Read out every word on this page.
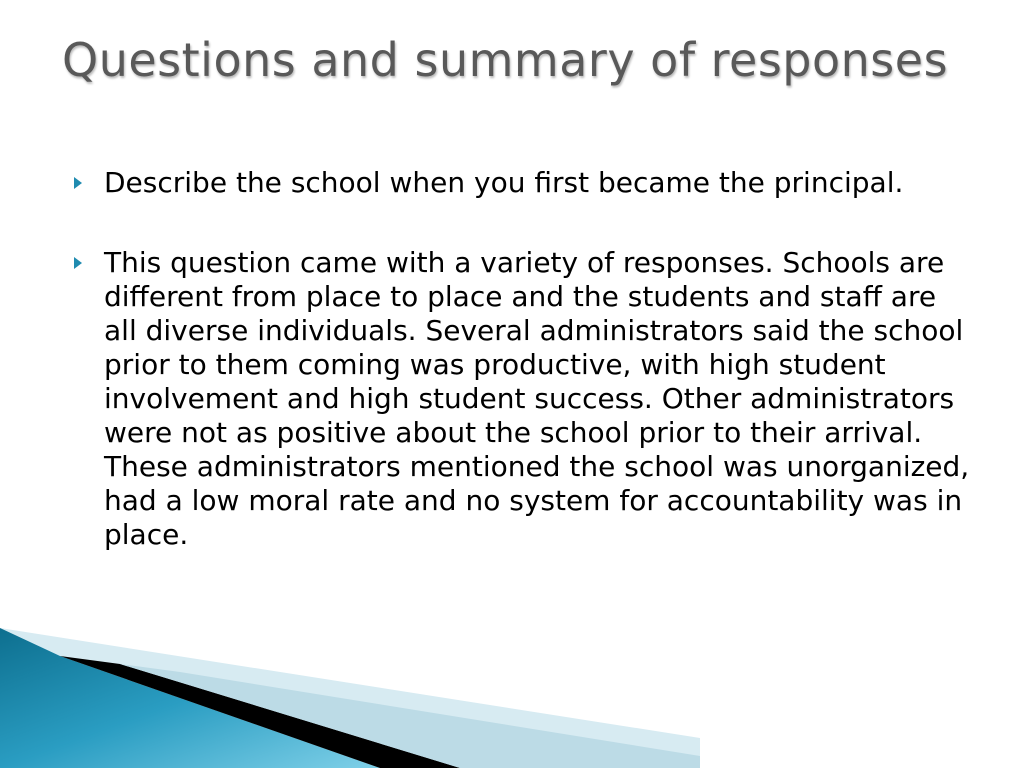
Questions and summary of responses
Describe the school when you first became the principal.
This question came with a variety of responses. Schools are different from place to place and the students and staff are all diverse individuals. Several administrators said the school prior to them coming was productive, with high student involvement and high student success. Other administrators were not as positive about the school prior to their arrival. These administrators mentioned the school was unorganized, had a low moral rate and no system for accountability was in place.
